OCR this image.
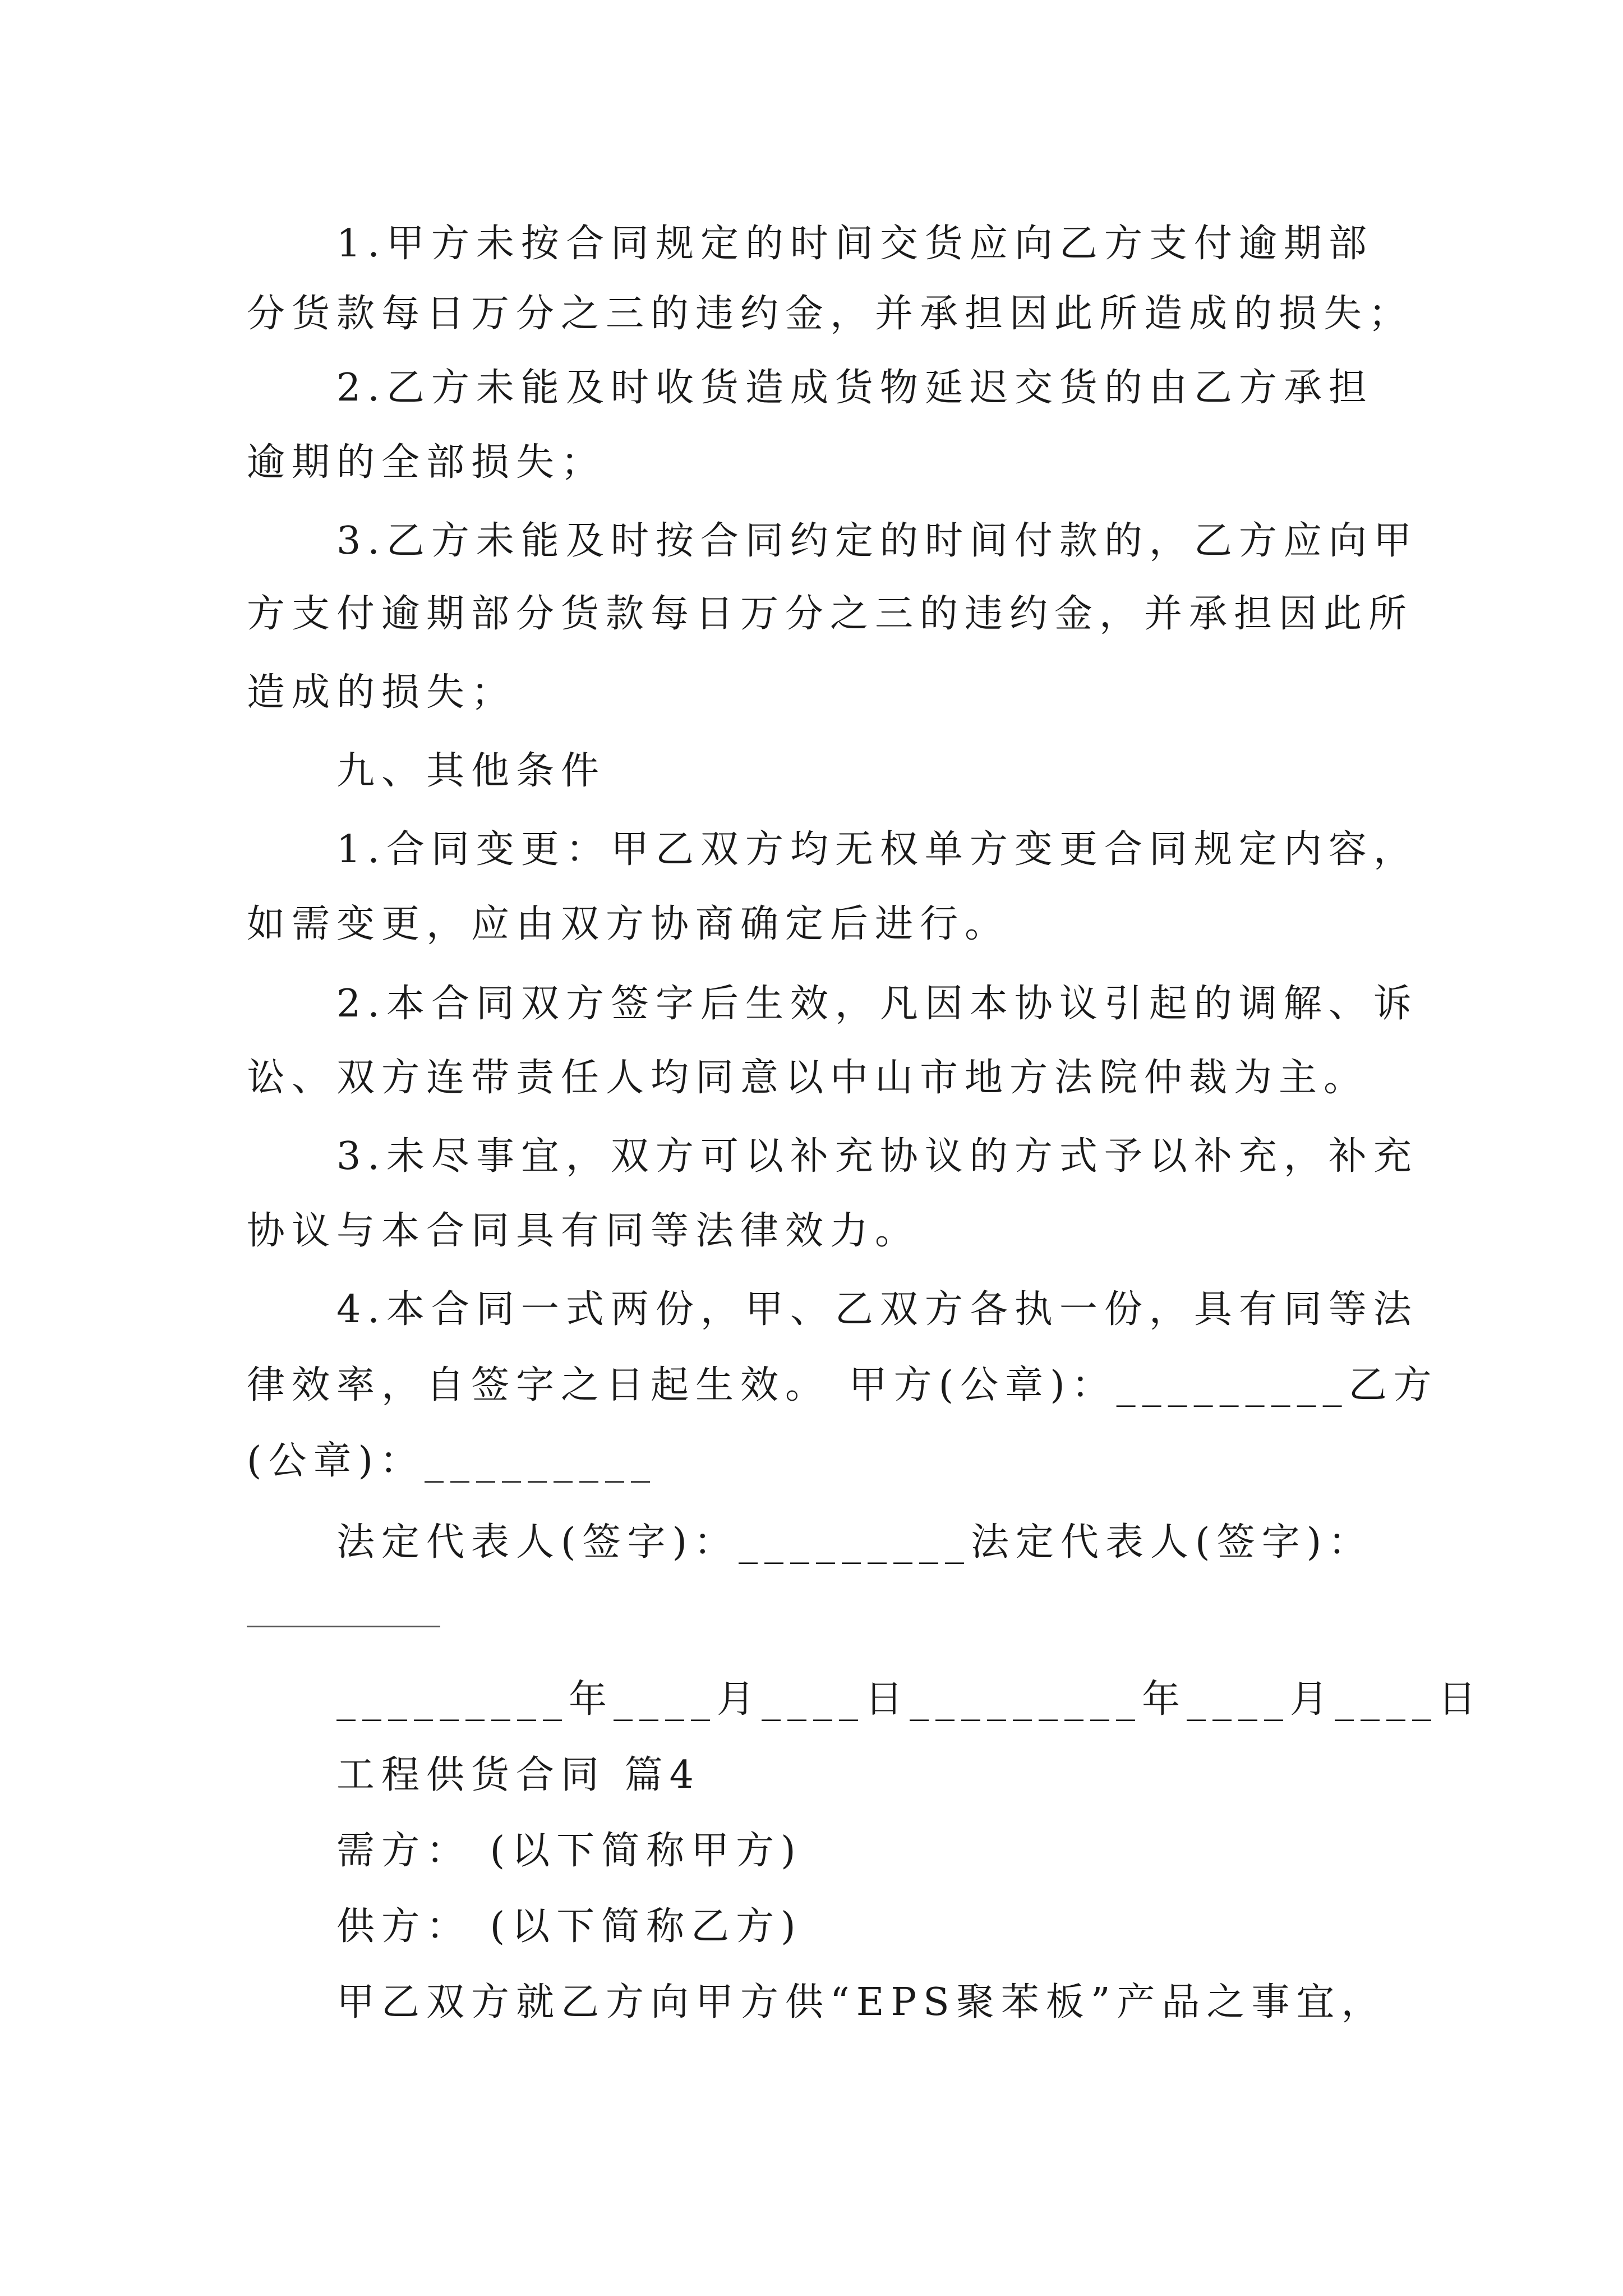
1.甲方未按合同规定的时间交货应向乙方支付逾期部
分货款每日万分之三的违约金，并承担因此所造成的损失；
2.乙方未能及时收货造成货物延迟交货的由乙方承担
逾期的全部损失；
3.乙方未能及时按合同约定的时间付款的，乙方应向甲
方支付逾期部分货款每日万分之三的违约金，并承担因此所
造成的损失；
九、其他条件
1.合同变更：甲乙双方均无权单方变更合同规定内容，
如需变更，应由双方协商确定后进行。
2.本合同双方签字后生效，凡因本协议引起的调解、诉
讼、双方连带责任人均同意以中山市地方法院仲裁为主。
3.未尽事宜，双方可以补充协议的方式予以补充，补充
协议与本合同具有同等法律效力。
4.本合同一式两份，甲、乙双方各执一份，具有同等法
律效率，自签字之日起生效。 甲方(公章)：_________乙方
(公章)：_________
法定代表人(签字)：_________法定代表人(签字)：
_________年____月____日_________年____月____日
工程供货合同 篇4
需方： (以下简称甲方)
供方： (以下简称乙方)
甲乙双方就乙方向甲方供“EPS聚苯板”产品之事宜，
